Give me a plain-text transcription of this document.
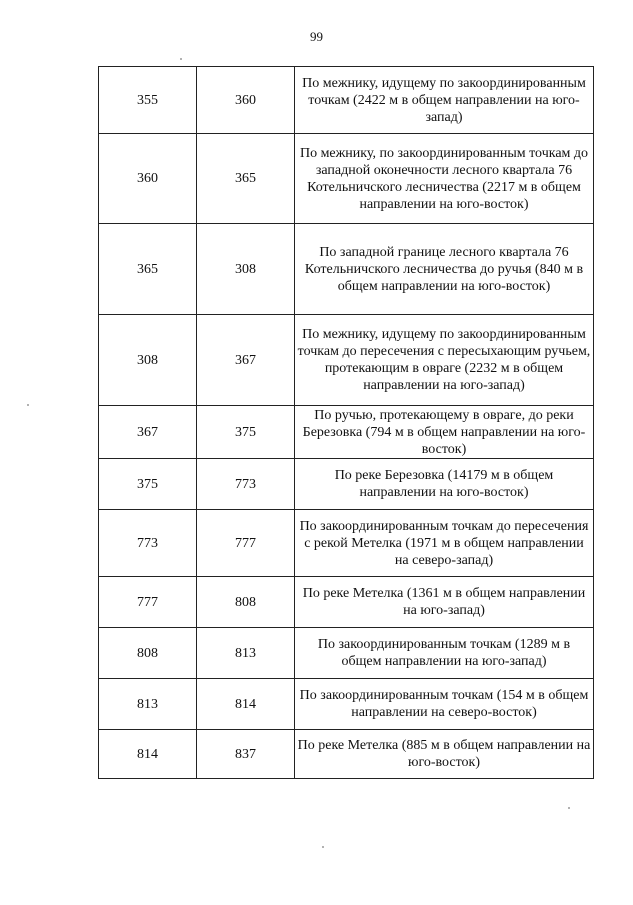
99
355	360	По межнику, идущему по закоординированным точкам (2422 м в общем направлении на юго-запад)
360	365	По межнику, по закоординированным точкам до западной оконечности лесного квартала 76 Котельничского лесничества (2217 м в общем направлении на юго-восток)
365	308	По западной границе лесного квартала 76 Котельничского лесничества до ручья (840 м в общем направлении на юго-восток)
308	367	По межнику, идущему по закоординированным точкам до пересечения с пересыхающим ручьем, протекающим в овраге (2232 м в общем направлении на юго-запад)
367	375	По ручью, протекающему в овраге, до реки Березовка (794 м в общем направлении на юго-восток)
375	773	По реке Березовка (14179 м в общем направлении на юго-восток)
773	777	По закоординированным точкам до пересечения с рекой Метелка (1971 м в общем направлении на северо-запад)
777	808	По реке Метелка (1361 м в общем направлении на юго-запад)
808	813	По закоординированным точкам (1289 м в общем направлении на юго-запад)
813	814	По закоординированным точкам (154 м в общем направлении на северо-восток)
814	837	По реке Метелка (885 м в общем направлении на юго-восток)
